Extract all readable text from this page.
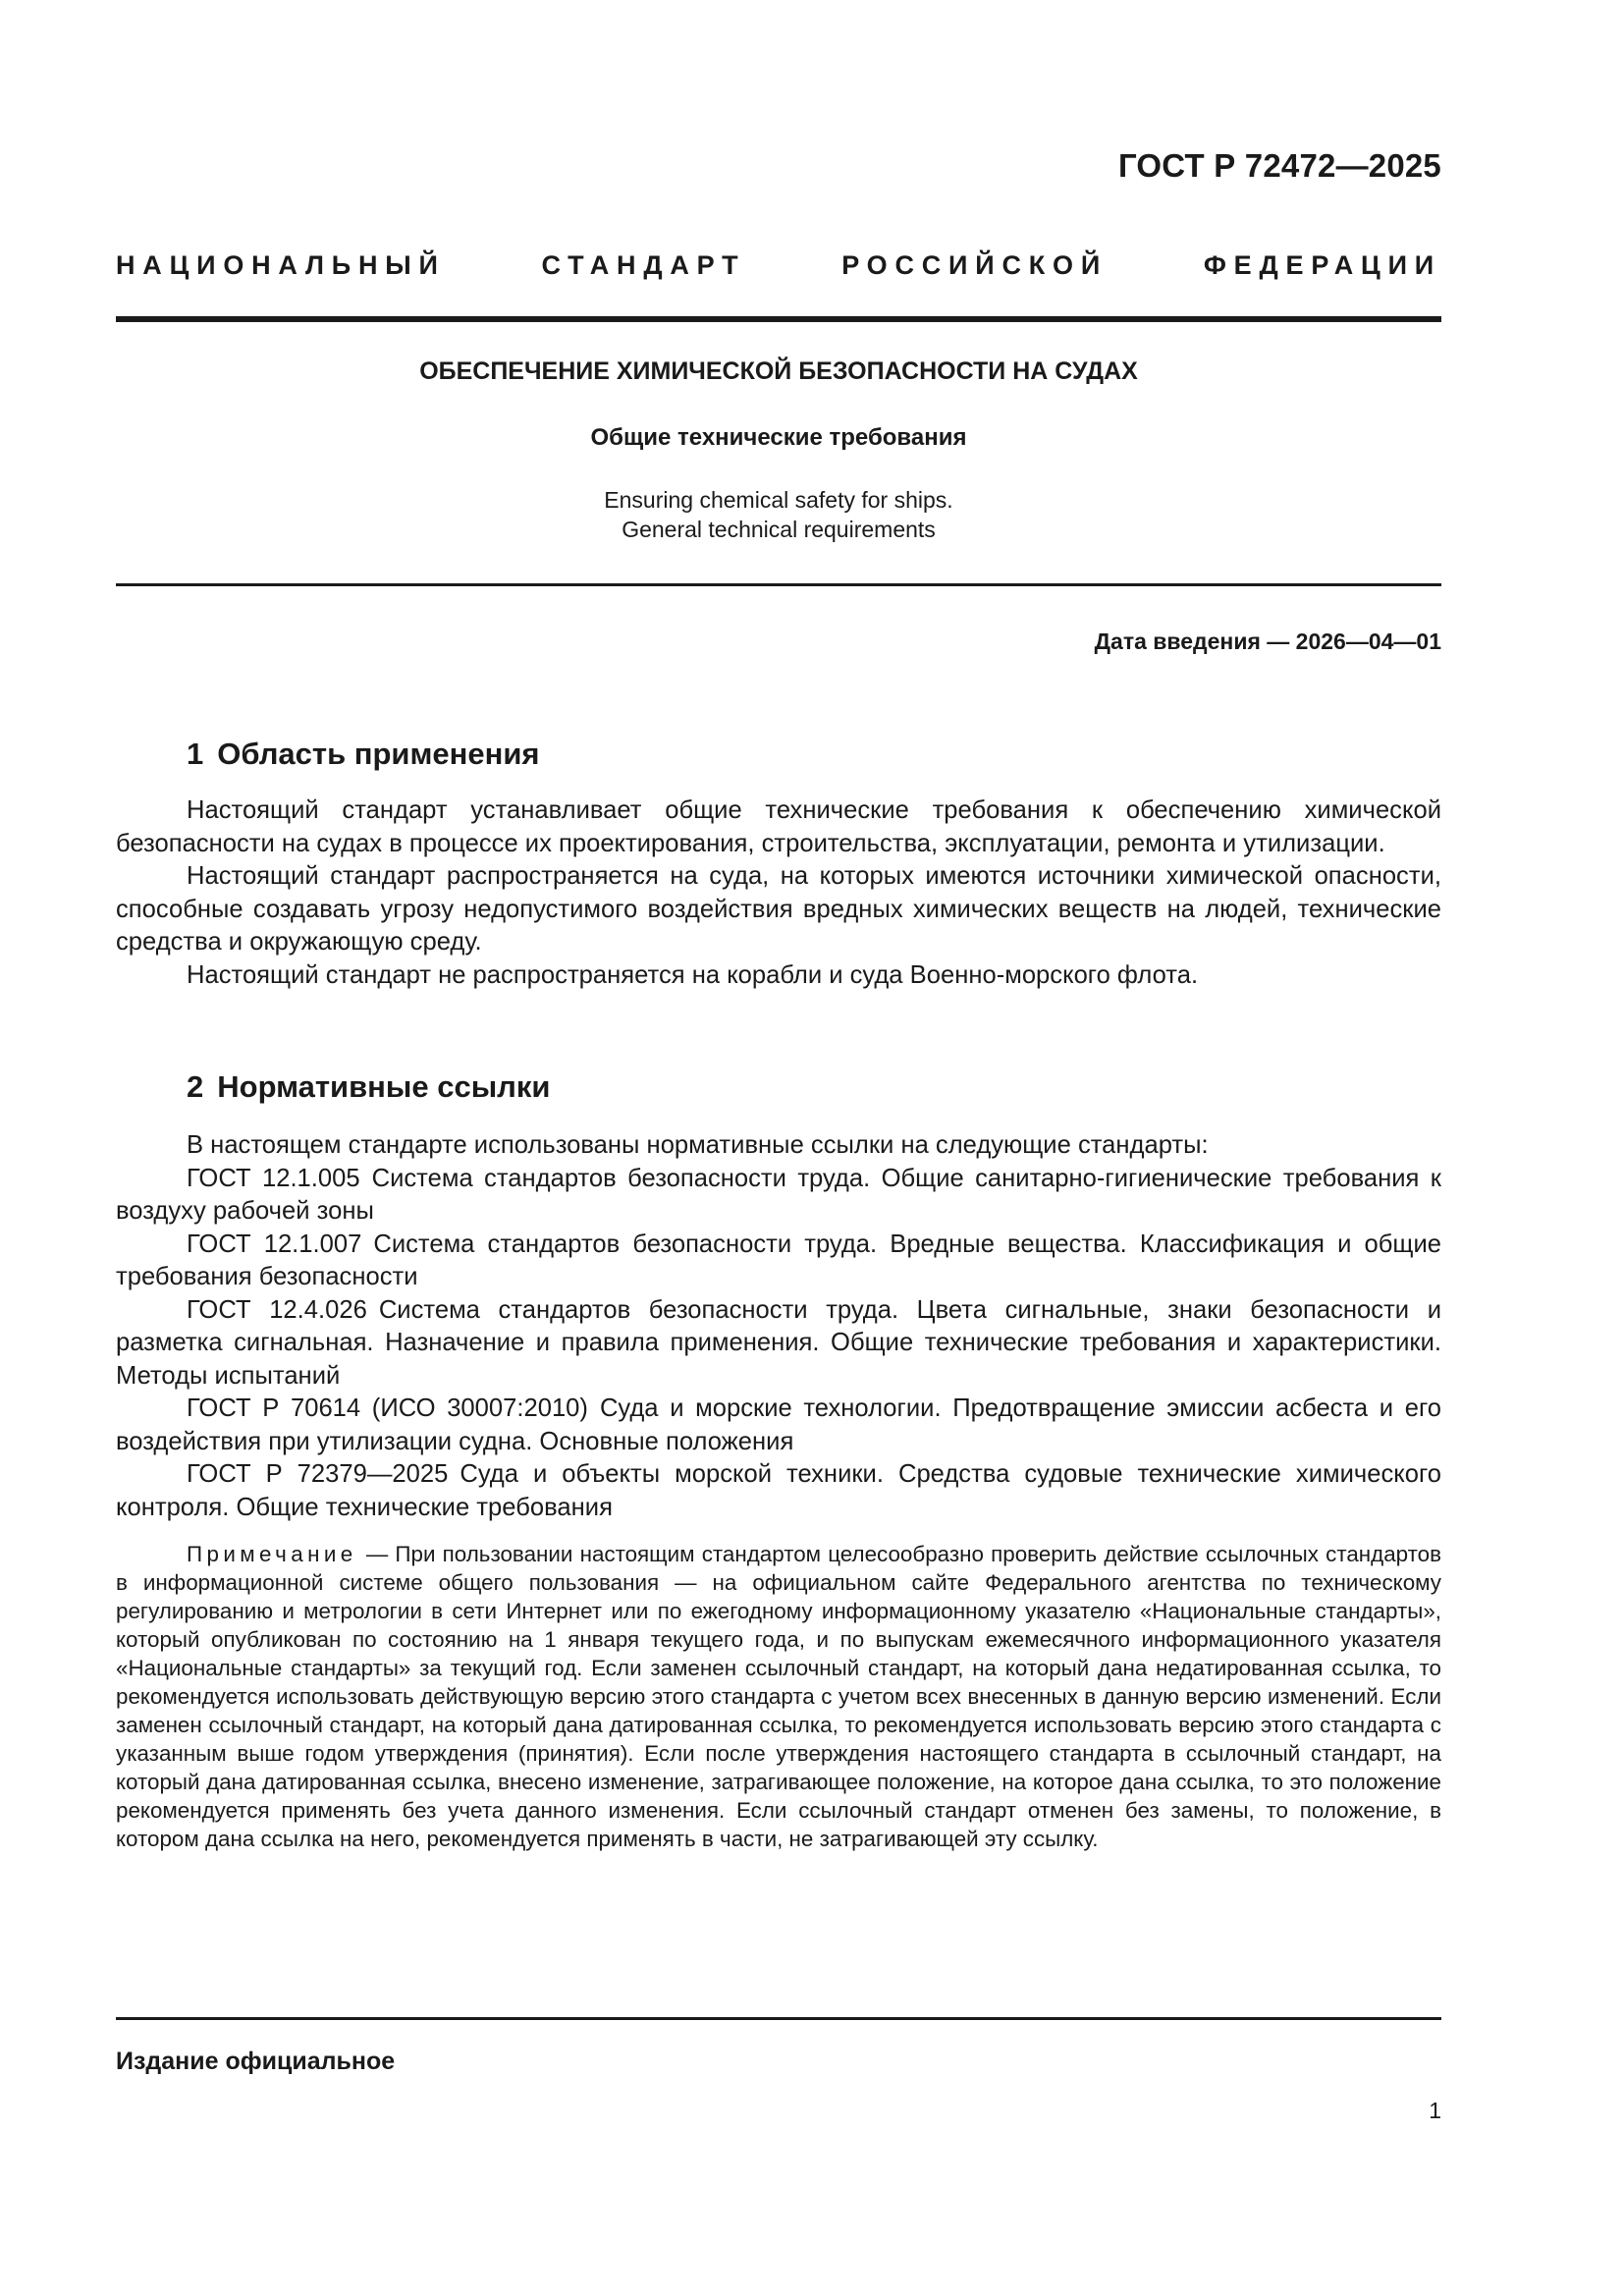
ГОСТ Р 72472—2025
НАЦИОНАЛЬНЫЙ СТАНДАРТ РОССИЙСКОЙ ФЕДЕРАЦИИ
ОБЕСПЕЧЕНИЕ ХИМИЧЕСКОЙ БЕЗОПАСНОСТИ НА СУДАХ
Общие технические требования
Ensuring chemical safety for ships.
General technical requirements
Дата введения — 2026—04—01
1 Область применения

Настоящий стандарт устанавливает общие технические требования к обеспечению химической безопасности на судах в процессе их проектирования, строительства, эксплуатации, ремонта и утилизации.

Настоящий стандарт распространяется на суда, на которых имеются источники химической опасности, способные создавать угрозу недопустимого воздействия вредных химических веществ на людей, технические средства и окружающую среду.

Настоящий стандарт не распространяется на корабли и суда Военно-морского флота.

2 Нормативные ссылки

В настоящем стандарте использованы нормативные ссылки на следующие стандарты:

ГОСТ 12.1.005 Система стандартов безопасности труда. Общие санитарно-гигиенические требования к воздуху рабочей зоны

ГОСТ 12.1.007 Система стандартов безопасности труда. Вредные вещества. Классификация и общие требования безопасности

ГОСТ 12.4.026 Система стандартов безопасности труда. Цвета сигнальные, знаки безопасности и разметка сигнальная. Назначение и правила применения. Общие технические требования и характеристики. Методы испытаний

ГОСТ Р 70614 (ИСО 30007:2010) Суда и морские технологии. Предотвращение эмиссии асбеста и его воздействия при утилизации судна. Основные положения

ГОСТ Р 72379—2025 Суда и объекты морской техники. Средства судовые технические химического контроля. Общие технические требования

Примечание — При пользовании настоящим стандартом целесообразно проверить действие ссылочных стандартов в информационной системе общего пользования — на официальном сайте Федерального агентства по техническому регулированию и метрологии в сети Интернет или по ежегодному информационному указателю «Национальные стандарты», который опубликован по состоянию на 1 января текущего года, и по выпускам ежемесячного информационного указателя «Национальные стандарты» за текущий год. Если заменен ссылочный стандарт, на который дана недатированная ссылка, то рекомендуется использовать действующую версию этого стандарта с учетом всех внесенных в данную версию изменений. Если заменен ссылочный стандарт, на который дана датированная ссылка, то рекомендуется использовать версию этого стандарта с указанным выше годом утверждения (принятия). Если после утверждения настоящего стандарта в ссылочный стандарт, на который дана датированная ссылка, внесено изменение, затрагивающее положение, на которое дана ссылка, то это положение рекомендуется применять без учета данного изменения. Если ссылочный стандарт отменен без замены, то положение, в котором дана ссылка на него, рекомендуется применять в части, не затрагивающей эту ссылку.

Издание официальное
1
